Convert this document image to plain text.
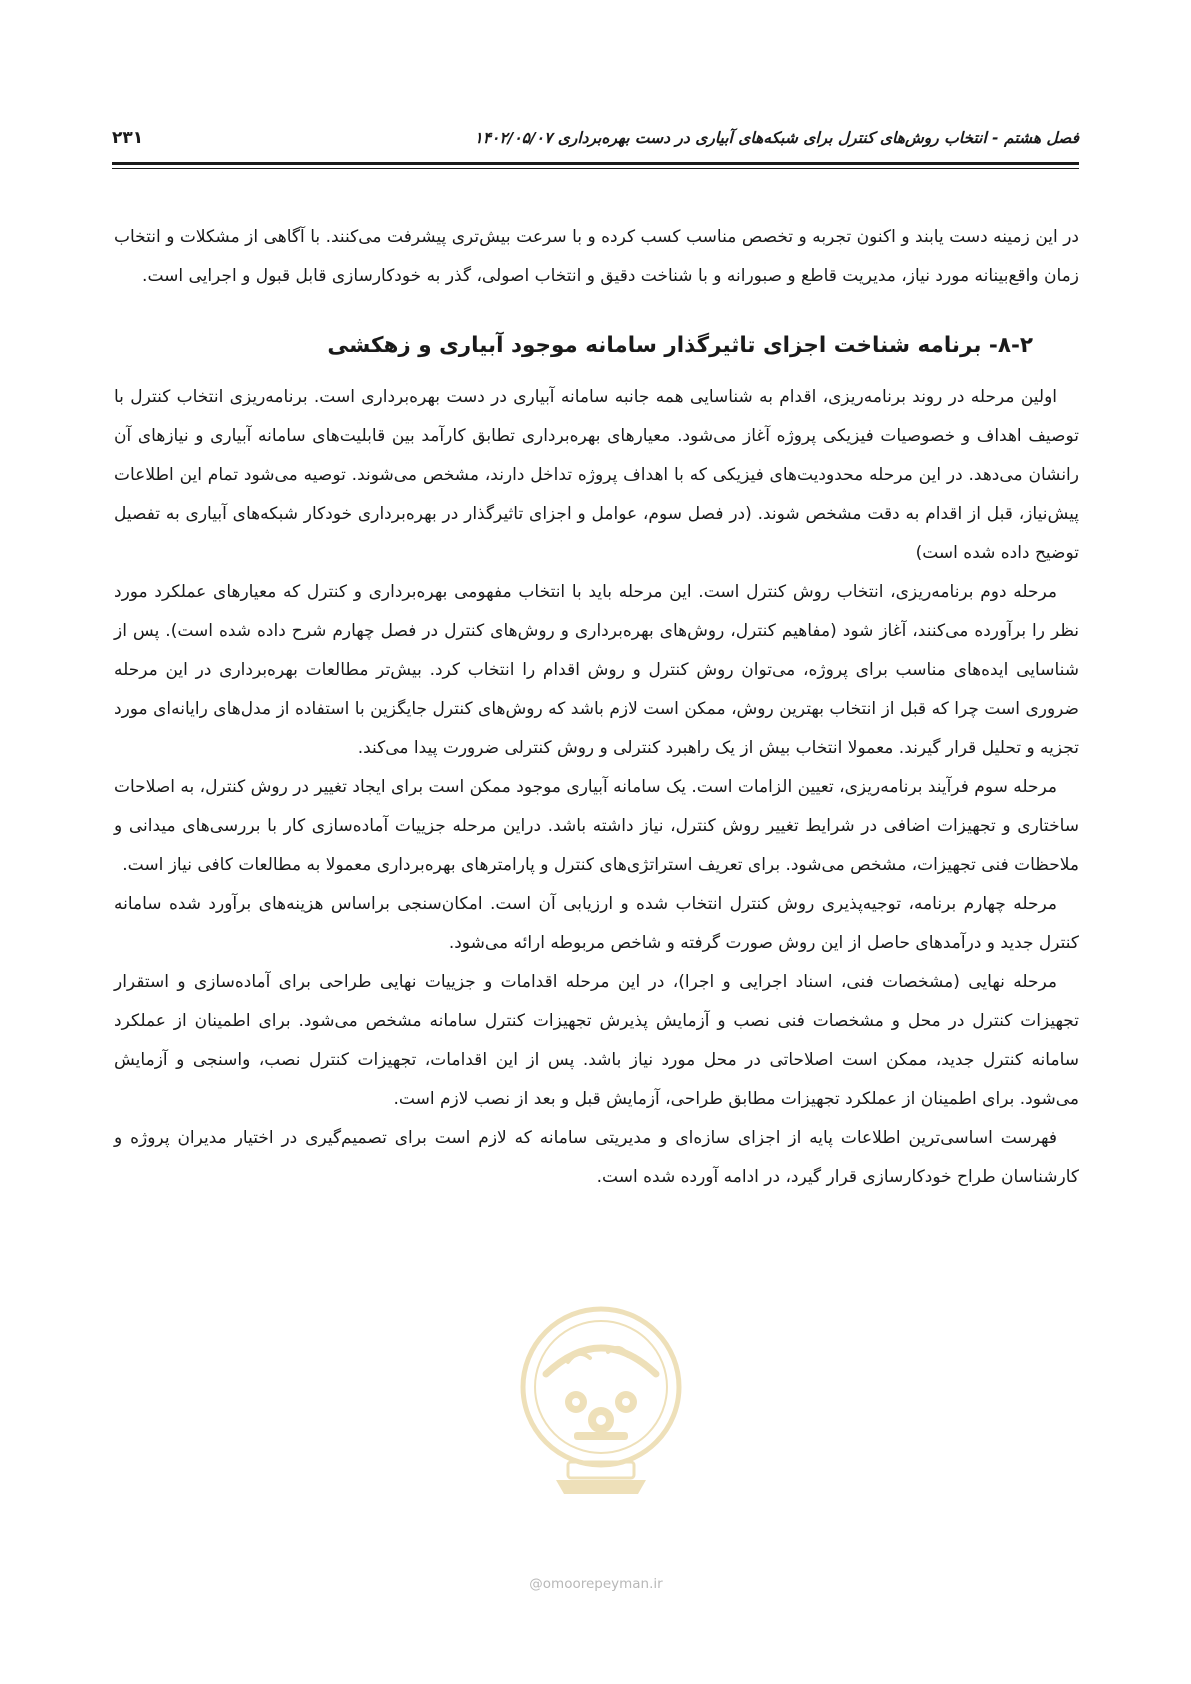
فصل هشتم - انتخاب روش‌های کنترل برای شبکه‌های آبیاری در دست بهره‌برداری ۱۴۰۲/۰۵/۰۷
۲۳۱

در این زمینه دست یابند و اکنون تجربه و تخصص مناسب کسب کرده و با سرعت بیش‌تری پیشرفت می‌کنند. با آگاهی از مشکلات و انتخاب زمان واقع‌بینانه مورد نیاز، مدیریت قاطع و صبورانه و با شناخت دقیق و انتخاب اصولی، گذر به خودکارسازی قابل قبول و اجرایی است.

۸-۲- برنامه شناخت اجزای تاثیرگذار سامانه موجود آبیاری و زهکشی

اولین مرحله در روند برنامه‌ریزی، اقدام به شناسایی همه جانبه سامانه آبیاری در دست بهره‌برداری است. برنامه‌ریزی انتخاب کنترل با توصیف اهداف و خصوصیات فیزیکی پروژه آغاز می‌شود. معیارهای بهره‌برداری تطابق کارآمد بین قابلیت‌های سامانه آبیاری و نیازهای آن رانشان می‌دهد. در این مرحله محدودیت‌های فیزیکی که با اهداف پروژه تداخل دارند، مشخص می‌شوند. توصیه می‌شود تمام این اطلاعات پیش‌نیاز، قبل از اقدام به دقت مشخص شوند. (در فصل سوم، عوامل و اجزای تاثیرگذار در بهره‌برداری خودکار شبکه‌های آبیاری به تفصیل توضیح داده شده است)

مرحله دوم برنامه‌ریزی، انتخاب روش کنترل است. این مرحله باید با انتخاب مفهومی بهره‌برداری و کنترل که معیارهای عملکرد مورد نظر را برآورده می‌کنند، آغاز شود (مفاهیم کنترل، روش‌های بهره‌برداری و روش‌های کنترل در فصل چهارم شرح داده شده است). پس از شناسایی ایده‌های مناسب برای پروژه، می‌توان روش کنترل و روش اقدام را انتخاب کرد. بیش‌تر مطالعات بهره‌برداری در این مرحله ضروری است چرا که قبل از انتخاب بهترین روش، ممکن است لازم باشد که روش‌های کنترل جایگزین با استفاده از مدل‌های رایانه‌ای مورد تجزیه و تحلیل قرار گیرند. معمولا انتخاب بیش از یک راهبرد کنترلی و روش کنترلی ضرورت پیدا می‌کند.

مرحله سوم فرآیند برنامه‌ریزی، تعیین الزامات است. یک سامانه آبیاری موجود ممکن است برای ایجاد تغییر در روش کنترل، به اصلاحات ساختاری و تجهیزات اضافی در شرایط تغییر روش کنترل، نیاز داشته باشد. دراین مرحله جزییات آماده‌سازی کار با بررسی‌های میدانی و ملاحظات فنی تجهیزات، مشخص می‌شود. برای تعریف استراتژی‌های کنترل و پارامترهای بهره‌برداری معمولا به مطالعات کافی نیاز است.

مرحله چهارم برنامه، توجیه‌پذیری روش کنترل انتخاب شده و ارزیابی آن است. امکان‌سنجی براساس هزینه‌های برآورد شده سامانه کنترل جدید و درآمدهای حاصل از این روش صورت گرفته و شاخص مربوطه ارائه می‌شود.

مرحله نهایی (مشخصات فنی، اسناد اجرایی و اجرا)، در این مرحله اقدامات و جزییات نهایی طراحی برای آماده‌سازی و استقرار تجهیزات کنترل در محل و مشخصات فنی نصب و آزمایش پذیرش تجهیزات کنترل سامانه مشخص می‌شود. برای اطمینان از عملکرد سامانه کنترل جدید، ممکن است اصلاحاتی در محل مورد نیاز باشد. پس از این اقدامات، تجهیزات کنترل نصب، واسنجی و آزمایش می‌شود. برای اطمینان از عملکرد تجهیزات مطابق طراحی، آزمایش قبل و بعد از نصب لازم است.

فهرست اساسی‌ترین اطلاعات پایه از اجزای سازه‌ای و مدیریتی سامانه که لازم است برای تصمیم‌گیری در اختیار مدیران پروژه و کارشناسان طراح خودکارسازی قرار گیرد، در ادامه آورده شده است.

@omoorepeyman.ir
